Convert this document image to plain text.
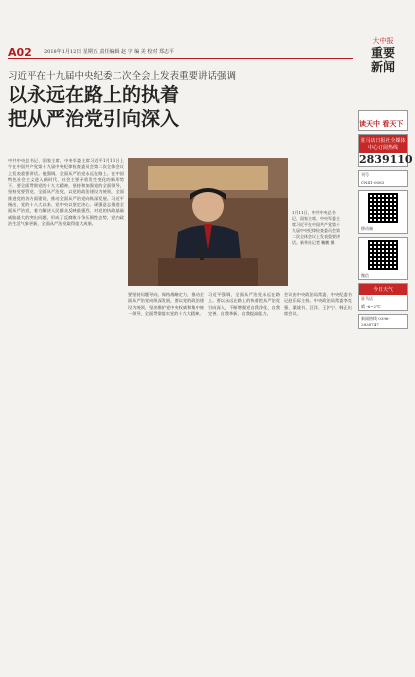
A02 2018年1月12日 星期五 责任编辑 赵 宇 编 美 校对 郑志平
大中报
重要
新闻
习近平在十九届中央纪委二次全会上发表重要讲话强调
以永远在路上的执着
把从严治党引向深入
1月11日，中共中央总书记、国家主席、中央军委主席习近平在中国共产党第十九届中央纪律检查委员会第二次全体会议上发表重要讲话。新华社记者 鞠鹏 摄
中共中央总书记、国家主席、中央军委主席习近平1月11日上午在中国共产党第十九届中央纪律检查委员会第二次全体会议上发表重要讲话。他强调，全面从严治党永远在路上。在中国特色社会主义进入新时代、社会主要矛盾发生变化的新形势下，要全面贯彻党的十九大精神，坚持和加强党的全面领导，坚持党要管党、全面从严治党，以党的政治建设为统领，全面推进党的各方面建设，推动全面从严治党向纵深发展。习近平指出，党的十八大以来，党中央以坚定决心、顽强意志推进全面从严治党，着力解决人民群众反映最强烈、对党的执政基础威胁最大的突出问题，形成了反腐败斗争压倒性态势，党内政治生活气象更新，全面从严治党取得重大成果。
要坚持问题导向，保持战略定力，推动全面从严治党向纵深发展。要以党的政治建设为统领，坚决维护党中央权威和集中统一领导，全面贯彻落实党的十九大精神。
习近平强调，全面从严治党永远在路上。要以永远在路上的执着把从严治党引向深入，不断增强党自我净化、自我完善、自我革新、自我提高能力。
会议由中央政治局常委、中央纪委书记赵乐际主持。中央政治局常委李克强、栗战书、汪洋、王沪宁、韩正出席会议。
读天中 看天下
驻马店日报社全媒体中心订阅热线
2839110
刊号
CN41-0083
移动端
微信
今日天气
驻马店
晴 -6~2℃
新闻热线 0396-2838747
